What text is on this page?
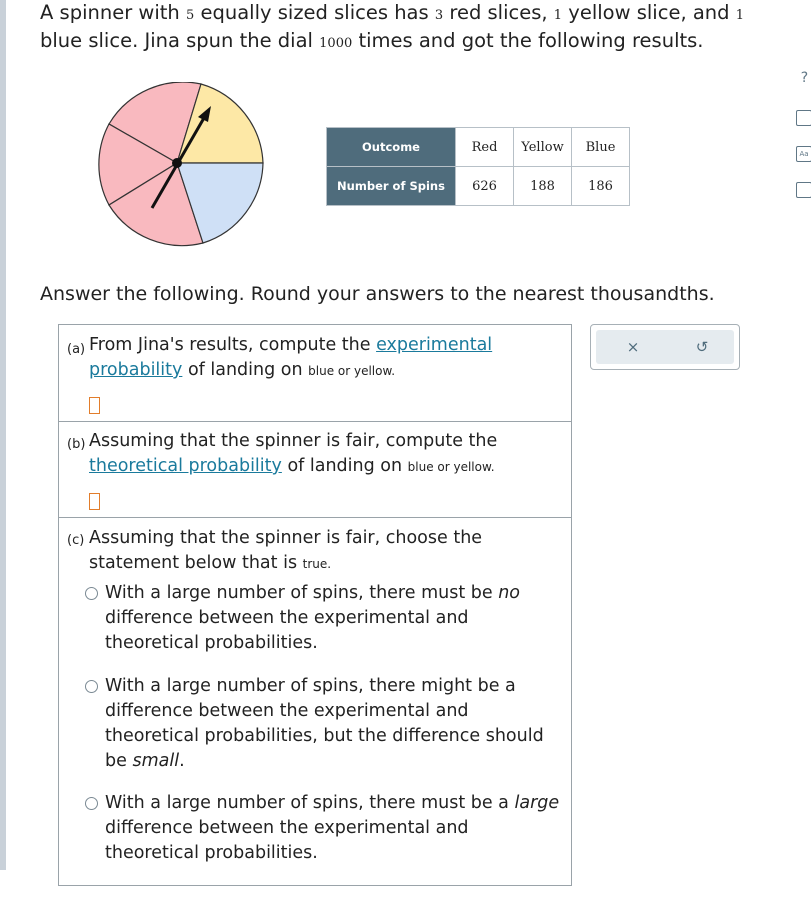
A spinner with 5 equally sized slices has 3 red slices, 1 yellow slice, and 1
blue slice. Jina spun the dial 1000 times and got the following results.
Outcome	Red	Yellow	Blue
Number of Spins	626	188	186
Answer the following. Round your answers to the nearest thousandths.
(a) From Jina's results, compute the experimental
probability of landing on blue or yellow.
(b) Assuming that the spinner is fair, compute the
theoretical probability of landing on blue or yellow.
(c) Assuming that the spinner is fair, choose the
statement below that is true.
With a large number of spins, there must be no difference between the experimental and theoretical probabilities.
With a large number of spins, there might be a difference between the experimental and theoretical probabilities, but the difference should be small.
With a large number of spins, there must be a large difference between the experimental and theoretical probabilities.
×	↺
?
Aa
